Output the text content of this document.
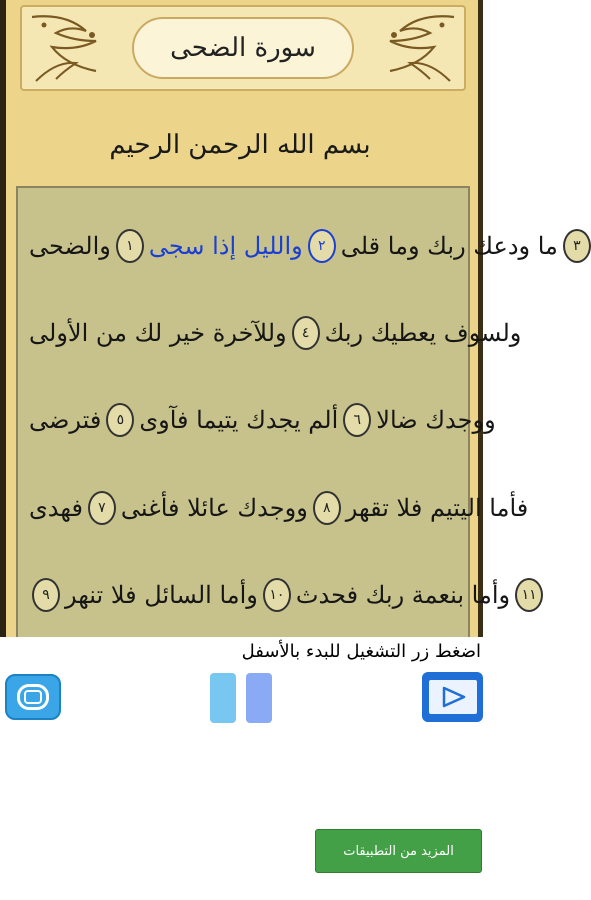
سورة الضحى
بسم الله الرحمن الرحيم
والضحى	١ والليل إذا سجى	٢ ما ودعك ربك وما قلى	٣
وللآخرة خير لك من الأولى	٤ ولسوف يعطيك ربك
فترضى	٥ ألم يجدك يتيما فآوى	٦ ووجدك ضالا
فهدى	٧ ووجدك عائلا فأغنى	٨ فأما اليتيم فلا تقهر
٩ وأما السائل فلا تنهر ١٠ وأما بنعمة ربك فحدث ١١
اضغط زر التشغيل للبدء بالأسفل
المزيد من التطبيقات
